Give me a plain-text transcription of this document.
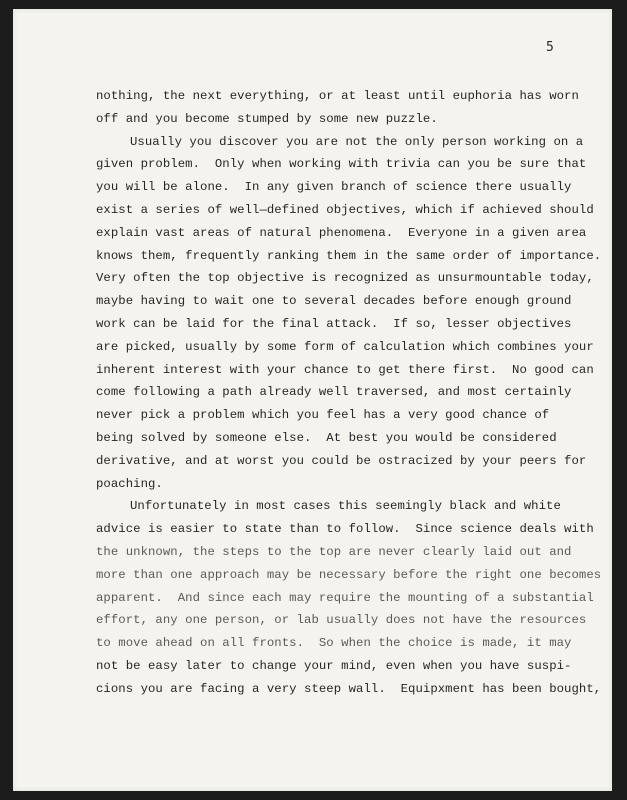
5
nothing, the next everything, or at least until euphoria has worn
off and you become stumped by some new puzzle.
Usually you discover you are not the only person working on a
given problem.  Only when working with trivia can you be sure that
you will be alone.  In any given branch of science there usually
exist a series of well—defined objectives, which if achieved should
explain vast areas of natural phenomena.  Everyone in a given area
knows them, frequently ranking them in the same order of importance.
Very often the top objective is recognized as unsurmountable today,
maybe having to wait one to several decades before enough ground
work can be laid for the final attack.  If so, lesser objectives
are picked, usually by some form of calculation which combines your
inherent interest with your chance to get there first.  No good can
come following a path already well traversed, and most certainly
never pick a problem which you feel has a very good chance of
being solved by someone else.  At best you would be considered
derivative, and at worst you could be ostracized by your peers for
poaching.
Unfortunately in most cases this seemingly black and white
advice is easier to state than to follow.  Since science deals with
the unknown, the steps to the top are never clearly laid out and
more than one approach may be necessary before the right one becomes
apparent.  And since each may require the mounting of a substantial
effort, any one person, or lab usually does not have the resources
to move ahead on all fronts.  So when the choice is made, it may
not be easy later to change your mind, even when you have suspi-
cions you are facing a very steep wall.  Equipxment has been bought,
